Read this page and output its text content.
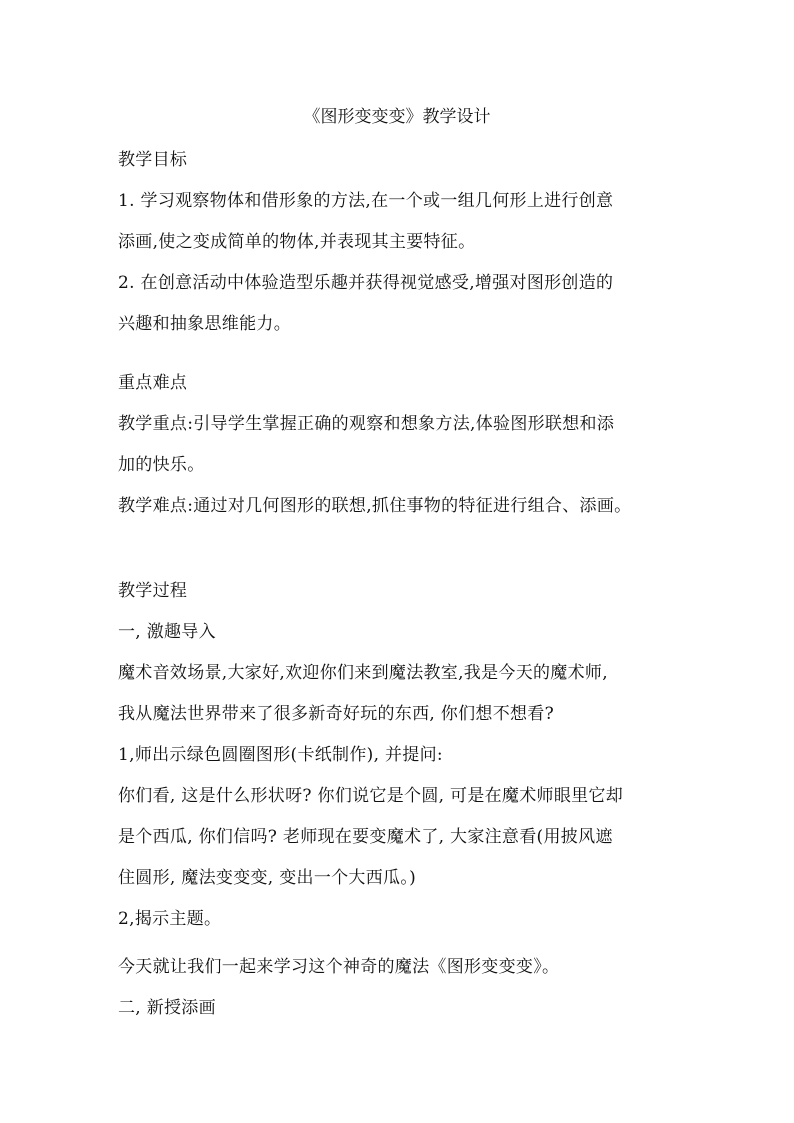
《图形变变变》教学设计
教学目标
1. 学习观察物体和借形象的方法,在一个或一组几何形上进行创意
添画,使之变成简单的物体,并表现其主要特征。
2. 在创意活动中体验造型乐趣并获得视觉感受,增强对图形创造的
兴趣和抽象思维能力。
重点难点
教学重点:引导学生掌握正确的观察和想象方法,体验图形联想和添
加的快乐。
教学难点:通过对几何图形的联想,抓住事物的特征进行组合、添画。
教学过程
一, 激趣导入
魔术音效场景,大家好,欢迎你们来到魔法教室,我是今天的魔术师,
我从魔法世界带来了很多新奇好玩的东西, 你们想不想看?
1,师出示绿色圆圈图形(卡纸制作), 并提问:
你们看, 这是什么形状呀? 你们说它是个圆, 可是在魔术师眼里它却
是个西瓜, 你们信吗? 老师现在要变魔术了, 大家注意看(用披风遮
住圆形, 魔法变变变, 变出一个大西瓜。)
2,揭示主题。
今天就让我们一起来学习这个神奇的魔法《图形变变变》。
二, 新授添画
